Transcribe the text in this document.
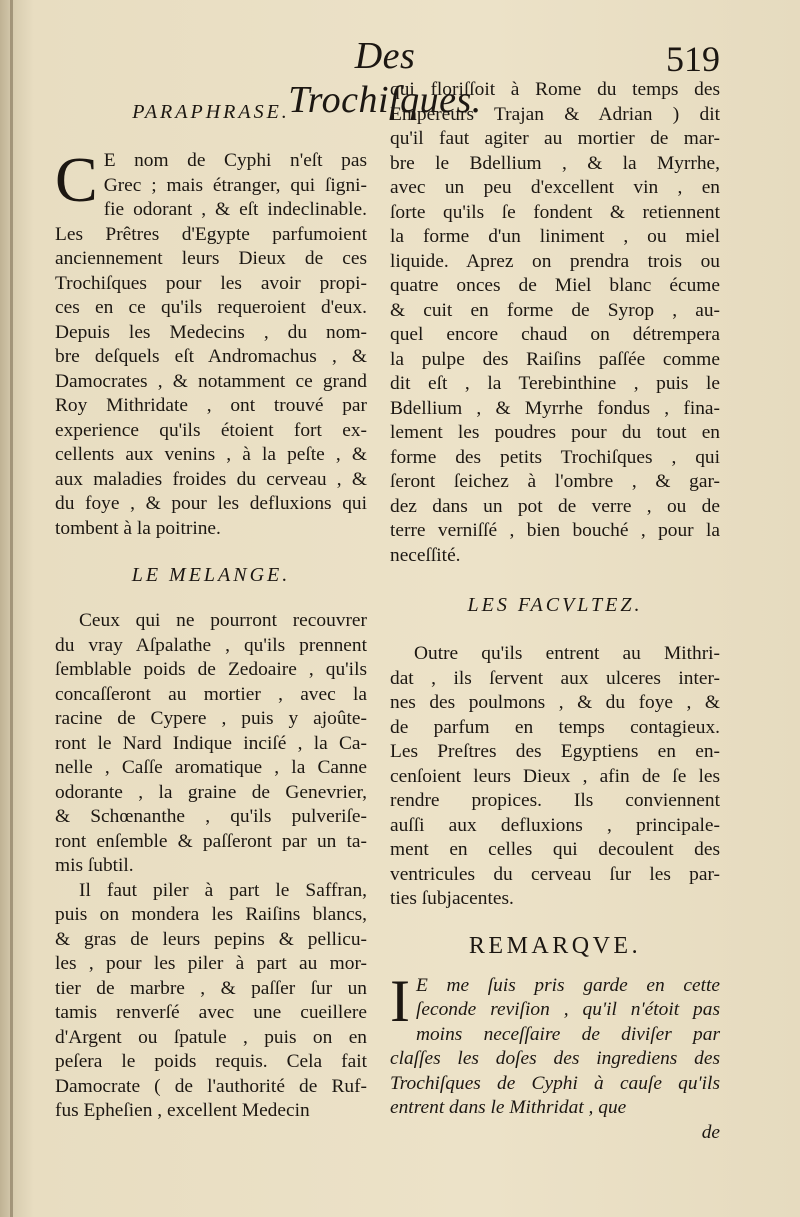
Des Trochiſques.
519
PARAPHRASE.
C E nom de Cyphi n'eſt pas
Grec ; mais étranger, qui ſigni-
fie odorant , & eſt indeclinable.
Les Prêtres d'Egypte parfumoient
anciennement leurs Dieux de ces
Trochiſques pour les avoir propi-
ces en ce qu'ils requeroient d'eux.
Depuis les Medecins , du nom-
bre deſquels eſt Andromachus , &
Damocrates , & notamment ce grand
Roy Mithridate , ont trouvé par
experience qu'ils étoient fort ex-
cellents aux venins , à la peſte , &
aux maladies froides du cerveau , &
du foye , & pour les defluxions qui
tombent à la poitrine.
LE MELANGE.
Ceux qui ne pourront recouvrer
du vray Aſpalathe , qu'ils prennent
ſemblable poids de Zedoaire , qu'ils
concaſſeront au mortier , avec la
racine de Cypere , puis y ajoûte-
ront le Nard Indique inciſé , la Ca-
nelle , Caſſe aromatique , la Canne
odorante , la graine de Genevrier,
& Schœnanthe , qu'ils pulveriſe-
ront enſemble & paſſeront par un ta-
mis ſubtil.
Il faut piler à part le Saffran,
puis on mondera les Raiſins blancs,
& gras de leurs pepins & pellicu-
les , pour les piler à part au mor-
tier de marbre , & paſſer ſur un
tamis renverſé avec une cueillere
d'Argent ou ſpatule , puis on en
peſera le poids requis. Cela fait
Damocrate ( de l'authorité de Ruf-
fus Epheſien , excellent Medecin
qui floriſſoit à Rome du temps des
Empereurs Trajan & Adrian ) dit
qu'il faut agiter au mortier de mar-
bre le Bdellium , & la Myrrhe,
avec un peu d'excellent vin , en
ſorte qu'ils ſe fondent & retiennent
la forme d'un liniment , ou miel
liquide. Aprez on prendra trois ou
quatre onces de Miel blanc écume
& cuit en forme de Syrop , au-
quel encore chaud on détrempera
la pulpe des Raiſins paſſée comme
dit eſt , la Terebinthine , puis le
Bdellium , & Myrrhe fondus , fina-
lement les poudres pour du tout en
forme des petits Trochiſques , qui
ſeront ſeichez à l'ombre , & gar-
dez dans un pot de verre , ou de
terre verniſſé , bien bouché , pour la
neceſſité.
LES FACVLTEZ.
Outre qu'ils entrent au Mithri-
dat , ils ſervent aux ulceres inter-
nes des poulmons , & du foye , &
de parfum en temps contagieux.
Les Preſtres des Egyptiens en en-
cenſoient leurs Dieux , afin de ſe les
rendre propices. Ils conviennent
auſſi aux defluxions , principale-
ment en celles qui decoulent des
ventricules du cerveau ſur les par-
ties ſubjacentes.
REMARQVE.
I E me ſuis pris garde en cette
ſeconde reviſion , qu'il n'étoit pas
moins neceſſaire de diviſer par
claſſes les doſes des ingrediens des
Trochiſques de Cyphi à cauſe qu'ils
entrent dans le Mithridat , que
de
